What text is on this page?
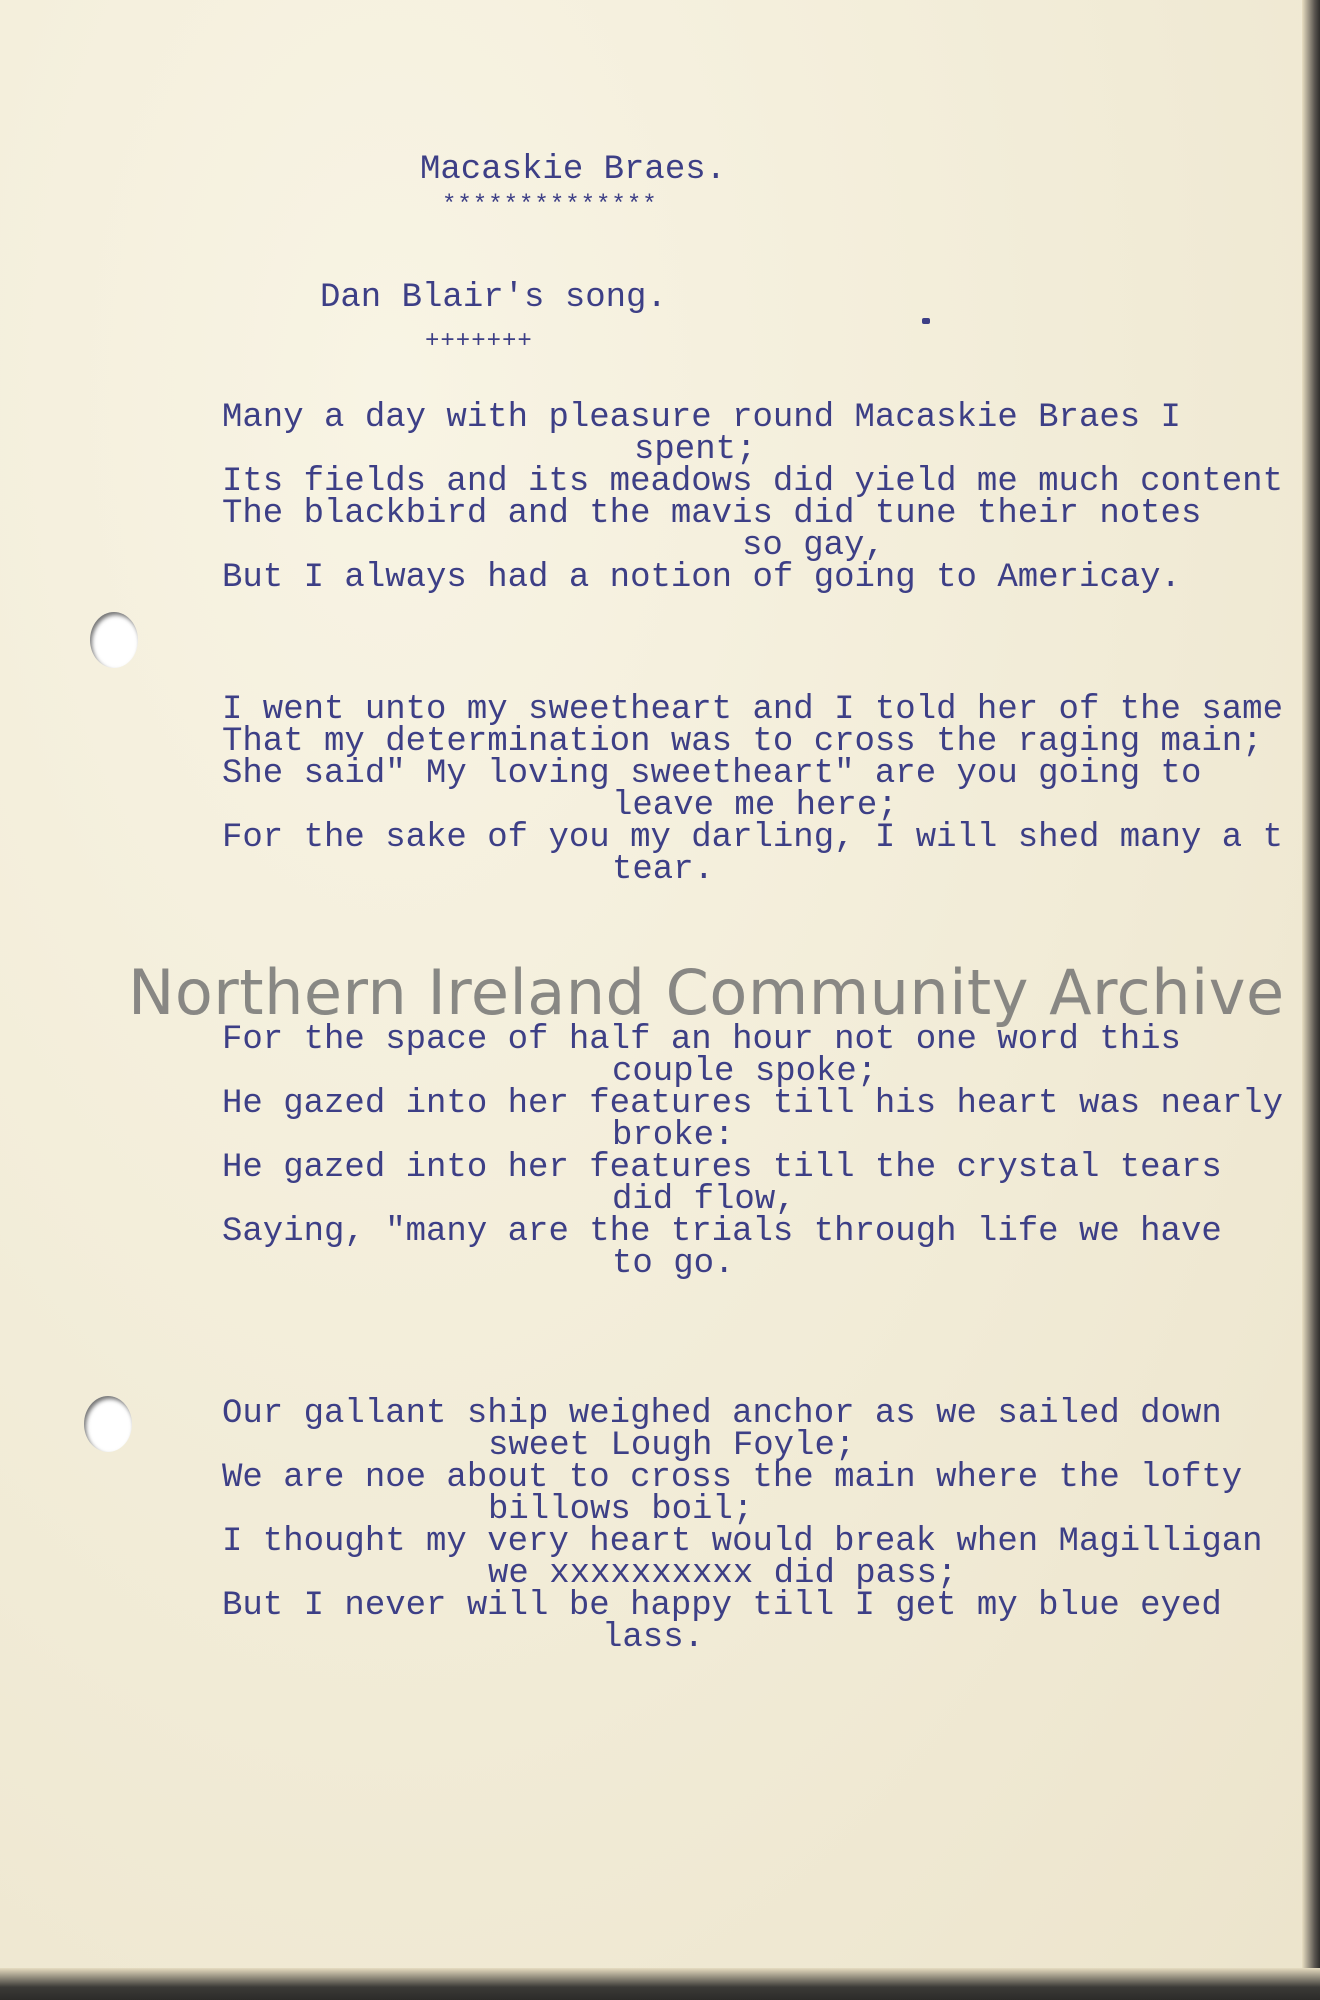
Macaskie Braes.
**************
Dan Blair's song.
+++++++
Many a day with pleasure round Macaskie Braes I
spent;
Its fields and its meadows did yield me much content
The blackbird and the mavis did tune their notes
so gay,
But I always had a notion of going to Americay.
I went unto my sweetheart and I told her of the same
That my determination was to cross the raging main;
She said" My loving sweetheart" are you going to
leave me here;
For the sake of you my darling, I will shed many a t
tear.
For the space of half an hour not one word this
couple spoke;
He gazed into her features till his heart was nearly
broke:
He gazed into her features till the crystal tears
did flow,
Saying, "many are the trials through life we have
to go.
Our gallant ship weighed anchor as we sailed down
sweet Lough Foyle;
We are noe about to cross the main where the lofty
billows boil;
I thought my very heart would break when Magilligan
we xxxxxxxxxx did pass;
But I never will be happy till I get my blue eyed
lass.
Northern Ireland Community Archive
